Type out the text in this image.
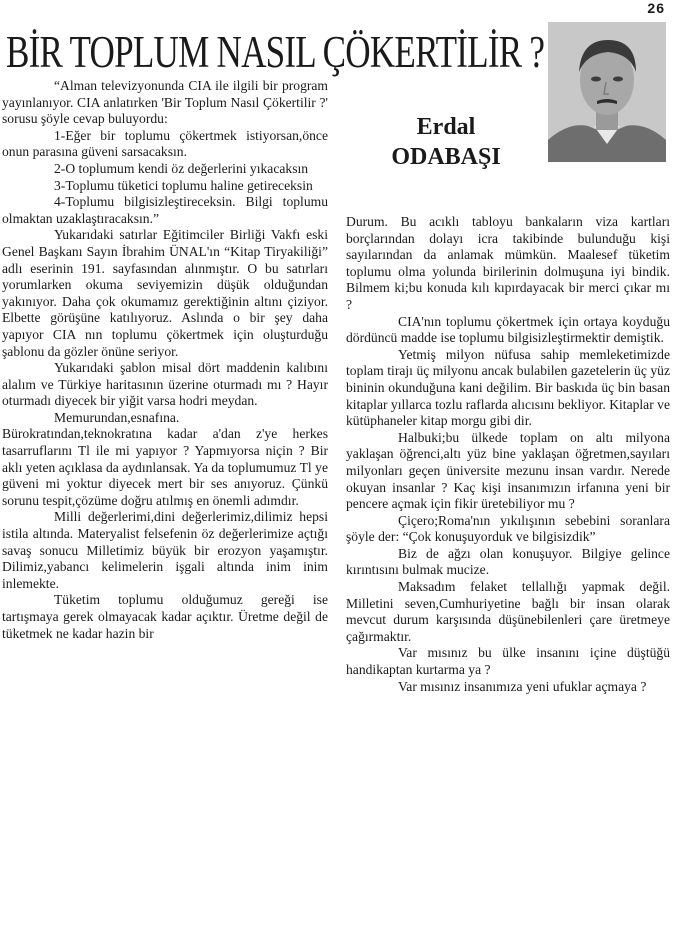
26
BİR TOPLUM NASIL ÇÖKERTİLİR ?
Erdal
ODABAŞI

“Alman televizyonunda CIA ile ilgili bir program yayınlanıyor. CIA anlatırken 'Bir Toplum Nasıl Çökertilir ?' sorusu şöyle cevap buluyordu:

1-Eğer bir toplumu çökertmek istiyorsan,önce onun parasına güveni sarsacaksın.

2-O toplumum kendi öz değerlerini yıkacaksın

3-Toplumu tüketici toplumu haline getireceksin

4-Toplumu bilgisizleştireceksin. Bilgi toplumu olmaktan uzaklaştıracaksın.”

Yukarıdaki satırlar Eğitimciler Birliği Vakfı eski Genel Başkanı Sayın İbrahim ÜNAL'ın “Kitap Tiryakiliği” adlı eserinin 191. sayfasından alınmıştır. O bu satırları yorumlarken okuma seviyemizin düşük olduğundan yakınıyor. Daha çok okumamız gerektiğinin altını çiziyor. Elbette görüşüne katılıyoruz. Aslında o bir şey daha yapıyor CIA nın toplumu çökertmek için oluşturduğu şablonu da gözler önüne seriyor.

Yukarıdaki şablon misal dört maddenin kalıbını alalım ve Türkiye haritasının üzerine oturmadı mı ? Hayır oturmadı diyecek bir yiğit varsa hodri meydan.

Memurundan,esnafına. Bürokratından,teknokratına kadar a'dan z'ye herkes tasarruflarını Tl ile mi yapıyor ? Yapmıyorsa niçin ? Bir aklı yeten açıklasa da aydınlansak. Ya da toplumumuz Tl ye güveni mi yoktur diyecek mert bir ses anıyoruz. Çünkü sorunu tespit,çözüme doğru atılmış en önemli adımdır.

Milli değerlerimi,dini değerlerimiz,dilimiz hepsi istila altında. Materyalist felsefenin öz değerlerimize açtığı savaş sonucu Milletimiz büyük bir erozyon yaşamıştır. Dilimiz,yabancı kelimelerin işgali altında inim inim inlemekte.

Tüketim toplumu olduğumuz gereği ise tartışmaya gerek olmayacak kadar açıktır. Üretme değil de tüketmek ne kadar hazin bir

Durum. Bu acıklı tabloyu bankaların viza kartları borçlarından dolayı icra takibinde bulunduğu kişi sayılarından da anlamak mümkün. Maalesef tüketim toplumu olma yolunda birilerinin dolmuşuna iyi bindik. Bilmem ki;bu konuda kılı kıpırdayacak bir merci çıkar mı ?

CIA'nın toplumu çökertmek için ortaya koyduğu dördüncü madde ise toplumu bilgisizleştirmektir demiştik.

Yetmiş milyon nüfusa sahip memleketimizde toplam tirajı üç milyonu ancak bulabilen gazetelerin üç yüz bininin okunduğuna kani değilim. Bir baskıda üç bin basan kitaplar yıllarca tozlu raflarda alıcısını bekliyor. Kitaplar ve kütüphaneler kitap morgu gibi dir.

Halbuki;bu ülkede toplam on altı milyona yaklaşan öğrenci,altı yüz bine yaklaşan öğretmen,sayıları milyonları geçen üniversite mezunu insan vardır. Nerede okuyan insanlar ? Kaç kişi insanımızın irfanına yeni bir pencere açmak için fikir üretebiliyor mu ?

Çiçero;Roma'nın yıkılışının sebebini soranlara şöyle der: “Çok konuşuyorduk ve bilgisizdik”

Biz de ağzı olan konuşuyor. Bilgiye gelince kırıntısını bulmak mucize.

Maksadım felaket tellallığı yapmak değil. Milletini seven,Cumhuriyetine bağlı bir insan olarak mevcut durum karşısında düşünebilenleri çare üretmeye çağırmaktır.

Var mısınız bu ülke insanını içine düştüğü handikaptan kurtarma ya ?

Var mısınız insanımıza yeni ufuklar açmaya ?
